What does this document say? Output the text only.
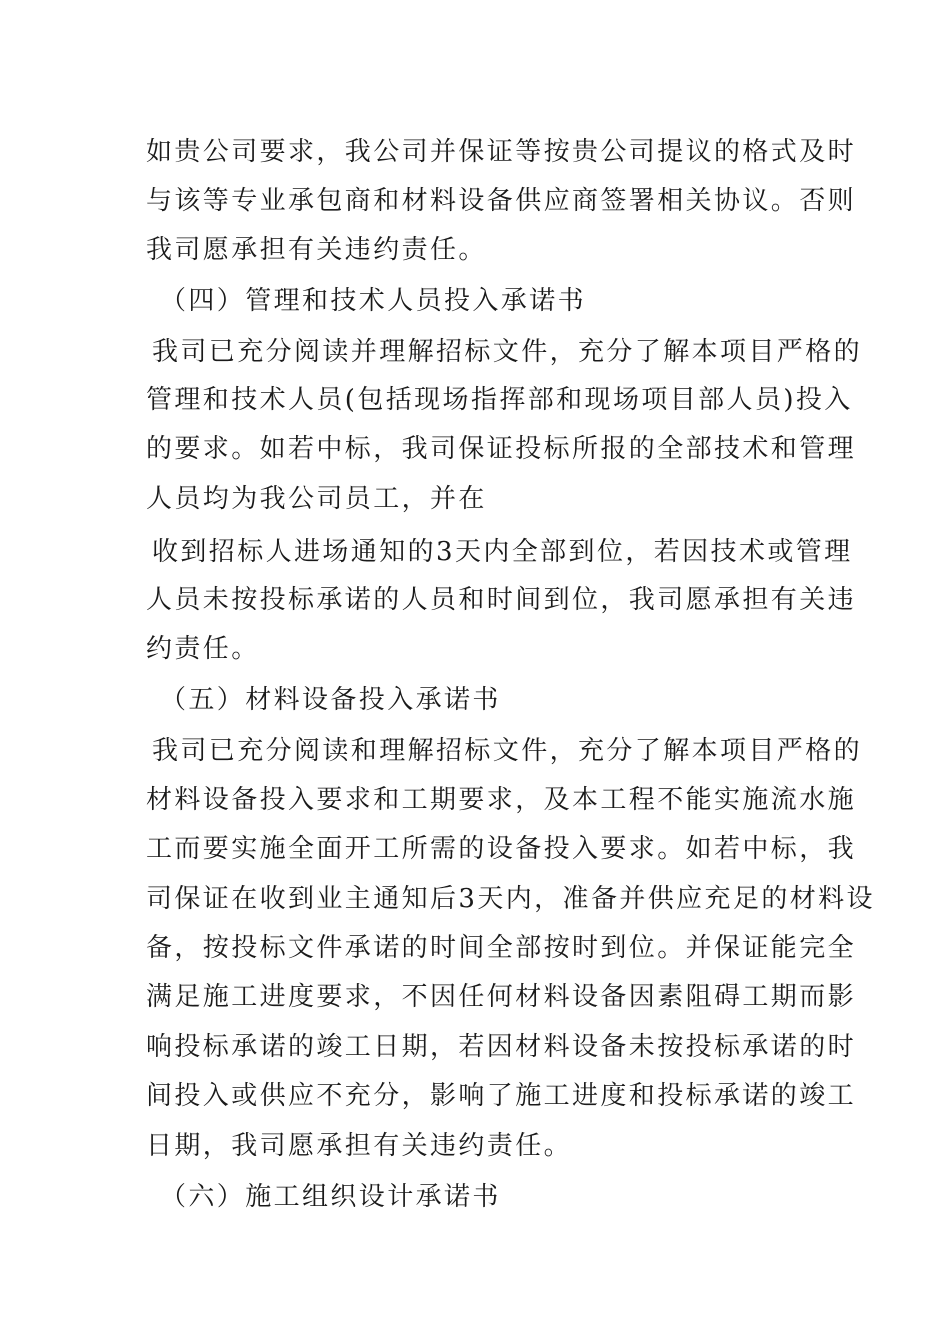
如贵公司要求，我公司并保证等按贵公司提议的格式及时
与该等专业承包商和材料设备供应商签署相关协议。否则
我司愿承担有关违约责任。
（四）管理和技术人员投入承诺书
我司已充分阅读并理解招标文件，充分了解本项目严格的
管理和技术人员(包括现场指挥部和现场项目部人员)投入
的要求。如若中标，我司保证投标所报的全部技术和管理
人员均为我公司员工，并在
收到招标人进场通知的3天内全部到位，若因技术或管理
人员未按投标承诺的人员和时间到位，我司愿承担有关违
约责任。
（五）材料设备投入承诺书
我司已充分阅读和理解招标文件，充分了解本项目严格的
材料设备投入要求和工期要求，及本工程不能实施流水施
工而要实施全面开工所需的设备投入要求。如若中标，我
司保证在收到业主通知后3天内，准备并供应充足的材料设
备，按投标文件承诺的时间全部按时到位。并保证能完全
满足施工进度要求，不因任何材料设备因素阻碍工期而影
响投标承诺的竣工日期，若因材料设备未按投标承诺的时
间投入或供应不充分，影响了施工进度和投标承诺的竣工
日期，我司愿承担有关违约责任。
（六）施工组织设计承诺书
